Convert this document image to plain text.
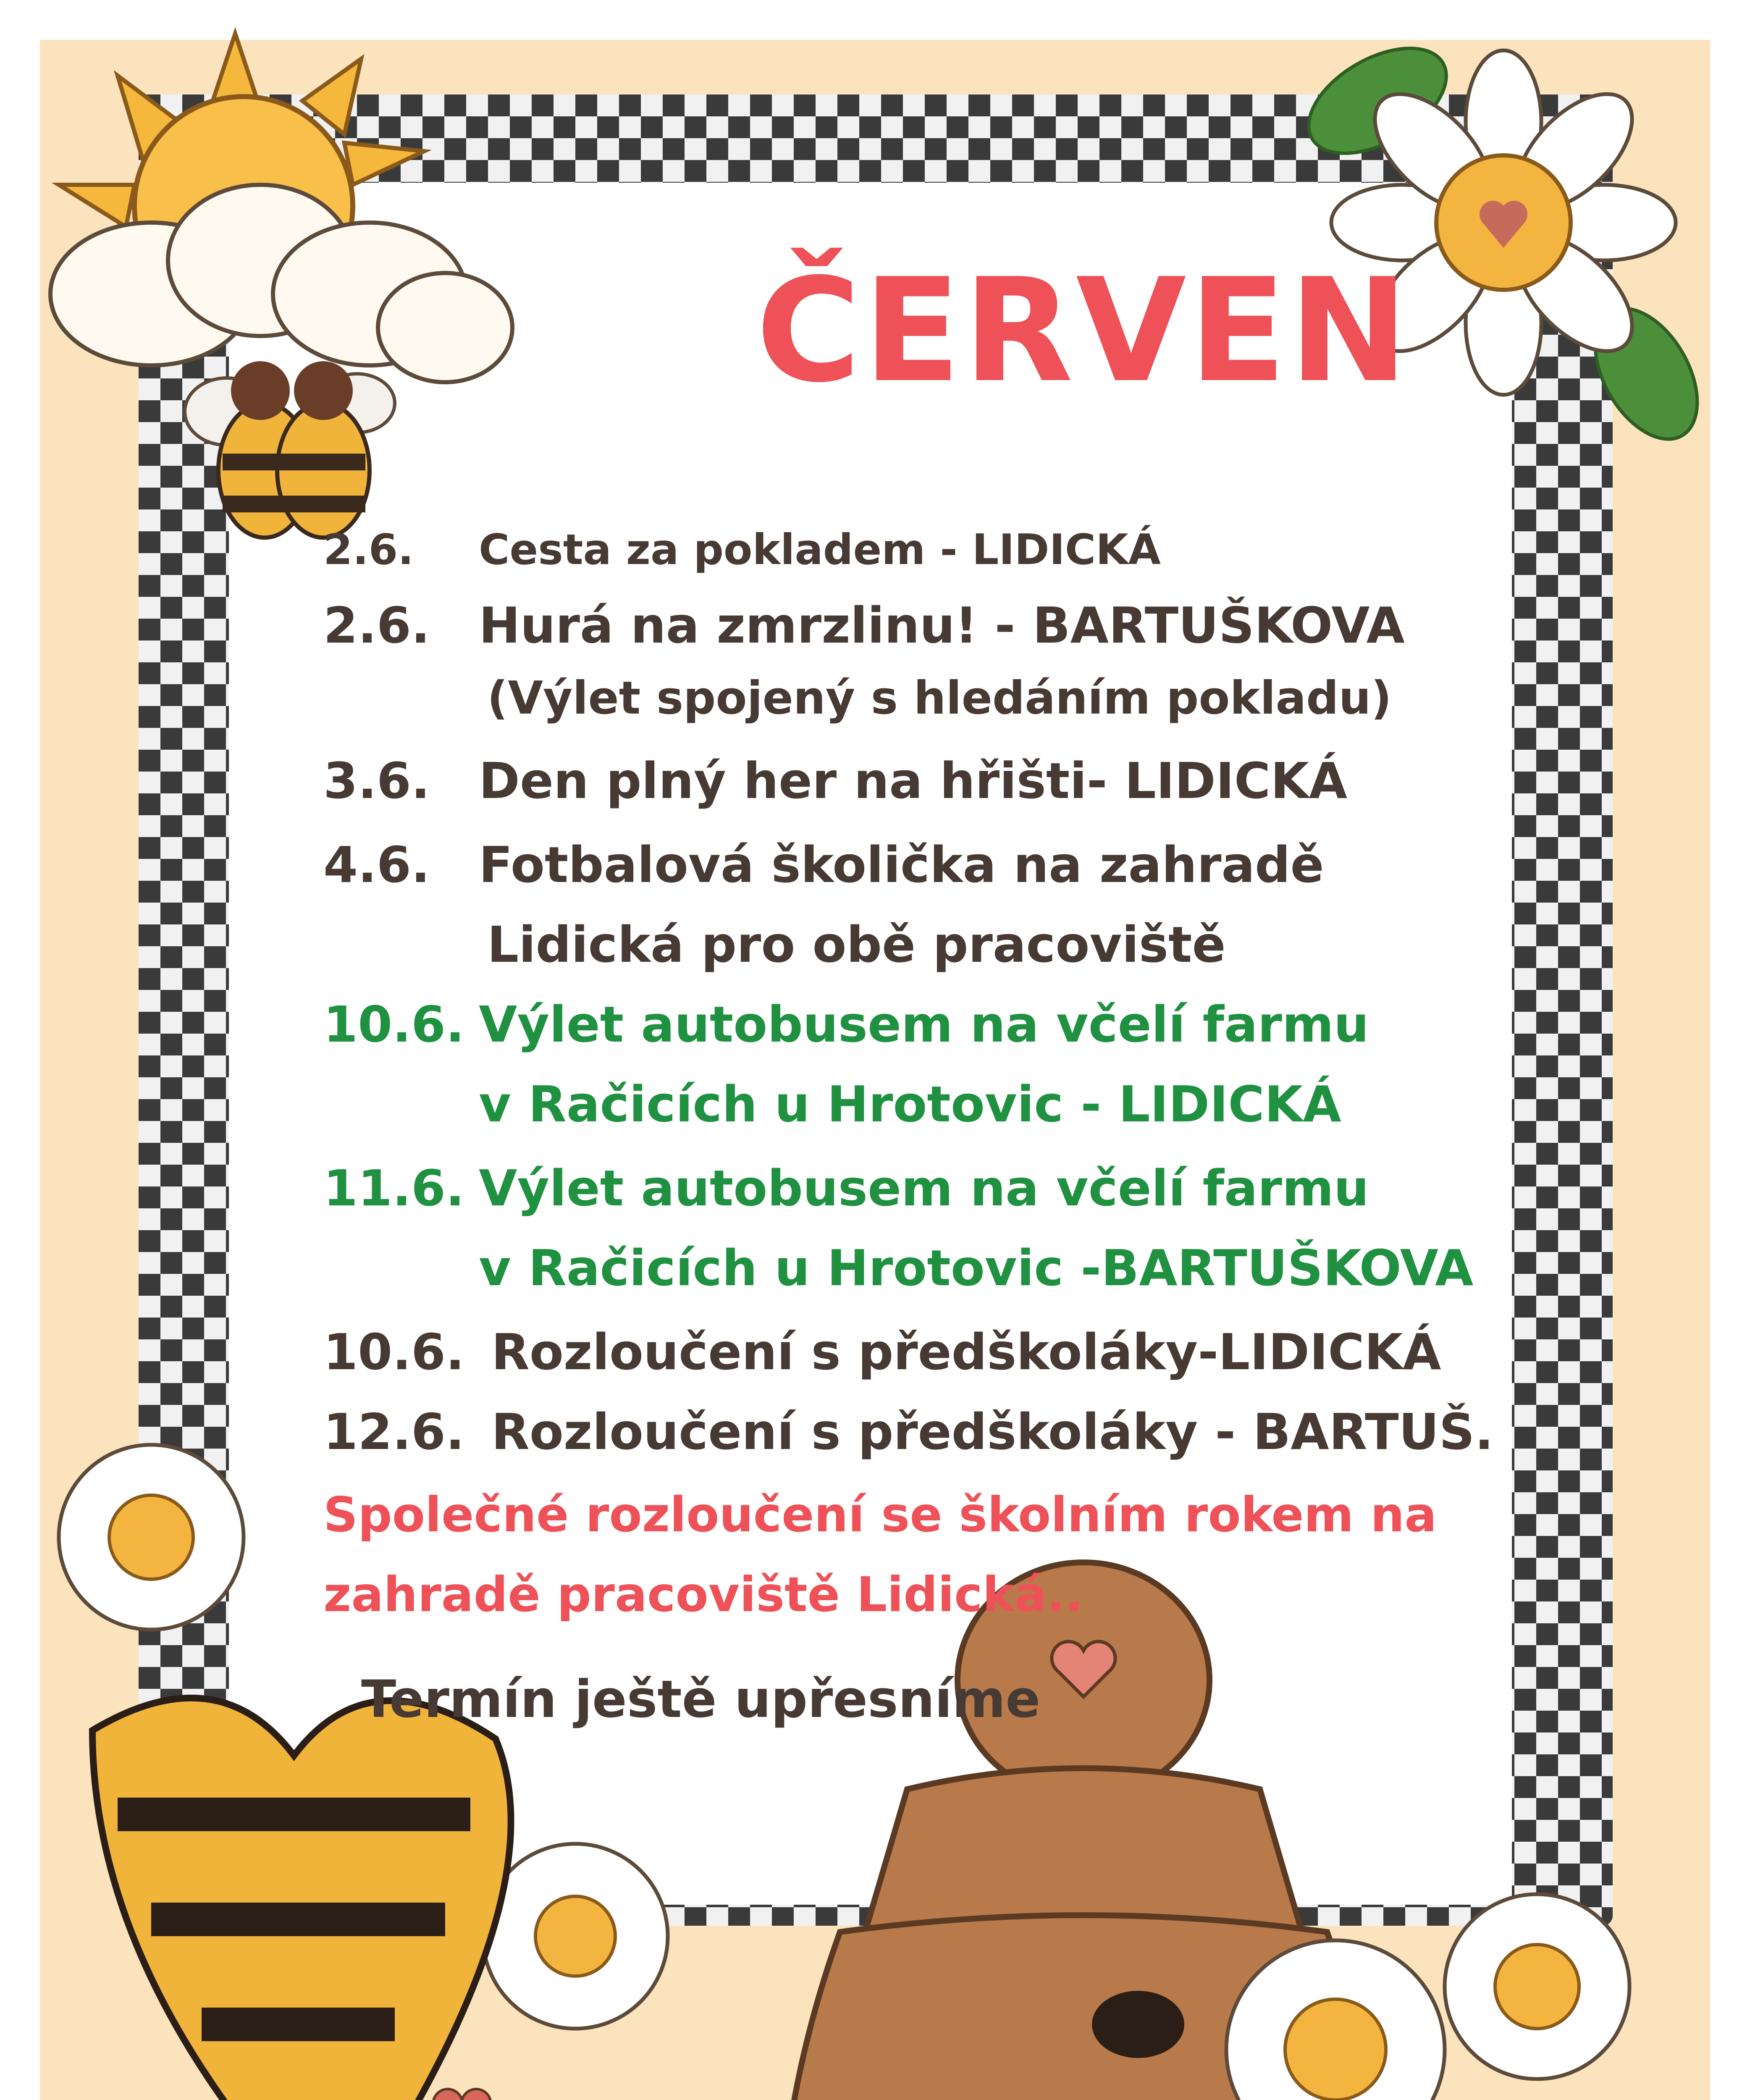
ČERVEN
2.6. Cesta za pokladem - LIDICKÁ
2.6. Hurá na zmrzlinu! - BARTUŠKOVA
(Výlet spojený s hledáním pokladu)
3.6. Den plný her na hřišti- LIDICKÁ
4.6. Fotbalová školička na zahradě
Lidická pro obě pracoviště
10.6. Výlet autobusem na včelí farmu
v Račicích u Hrotovic - LIDICKÁ
11.6. Výlet autobusem na včelí farmu
v Račicích u Hrotovic -BARTUŠKOVA
10.6. Rozloučení s předškoláky-LIDICKÁ
12.6. Rozloučení s předškoláky - BARTUŠ.
Společné rozloučení se školním rokem na
zahradě pracoviště Lidická..
Termín ještě upřesníme
